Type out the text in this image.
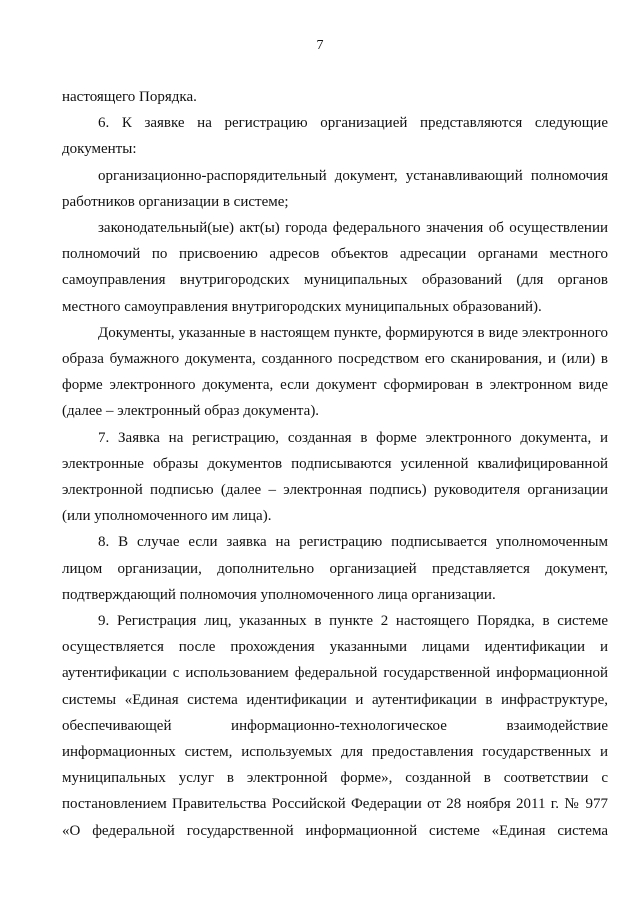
7

настоящего Порядка.

6. К заявке на регистрацию организацией представляются следующие документы:

организационно-распорядительный документ, устанавливающий полномочия работников организации в системе;

законодательный(ые) акт(ы) города федерального значения об осуществлении полномочий по присвоению адресов объектов адресации органами местного самоуправления внутригородских муниципальных образований (для органов местного самоуправления внутригородских муниципальных образований).

Документы, указанные в настоящем пункте, формируются в виде электронного образа бумажного документа, созданного посредством его сканирования, и (или) в форме электронного документа, если документ сформирован в электронном виде (далее – электронный образ документа).

7. Заявка на регистрацию, созданная в форме электронного документа, и электронные образы документов подписываются усиленной квалифицированной электронной подписью (далее – электронная подпись) руководителя организации (или уполномоченного им лица).

8. В случае если заявка на регистрацию подписывается уполномоченным лицом организации, дополнительно организацией представляется документ, подтверждающий полномочия уполномоченного лица организации.

9. Регистрация лиц, указанных в пункте 2 настоящего Порядка, в системе осуществляется после прохождения указанными лицами идентификации и аутентификации с использованием федеральной государственной информационной системы «Единая система идентификации и аутентификации в инфраструктуре, обеспечивающей информационно-технологическое взаимодействие информационных систем, используемых для предоставления государственных и муниципальных услуг в электронной форме», созданной в соответствии с постановлением Правительства Российской Федерации от 28 ноября 2011 г. № 977 «О федеральной государственной информационной системе «Единая система
